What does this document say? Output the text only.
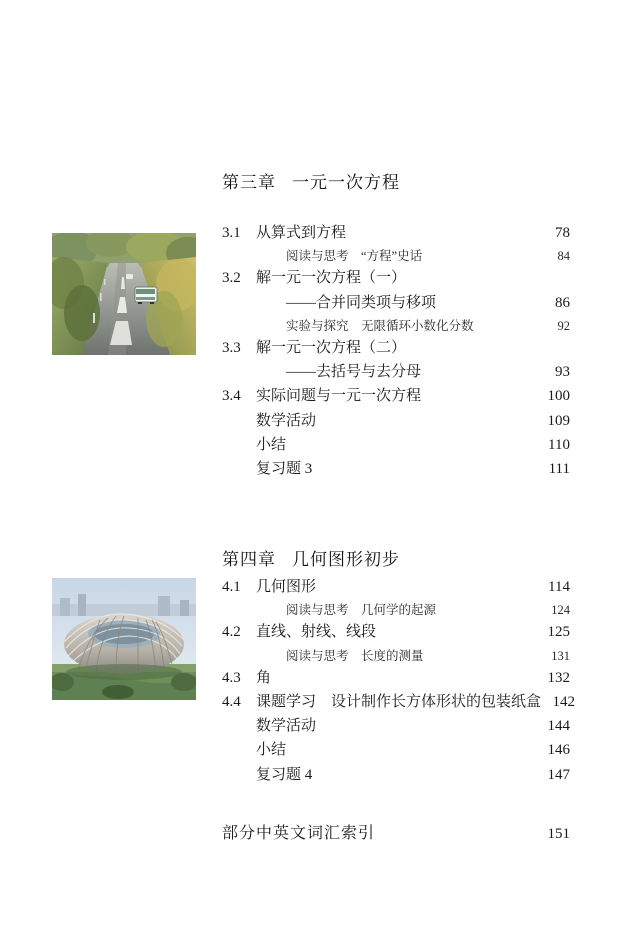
第三章 一元一次方程
3.1	从算式到方程	78
阅读与思考　“方程”史话	84
3.2	解一元一次方程（一）
——合并同类项与移项	86
实验与探究　无限循环小数化分数	92
3.3	解一元一次方程（二）
——去括号与去分母	93
3.4	实际问题与一元一次方程	100
数学活动	109
小结	110
复习题 3	111
第四章 几何图形初步
4.1	几何图形	114
阅读与思考　几何学的起源	124
4.2	直线、射线、线段	125
阅读与思考　长度的测量	131
4.3	角	132
4.4	课题学习　设计制作长方体形状的包装纸盒 142
数学活动	144
小结	146
复习题 4	147
部分中英文词汇索引	151
